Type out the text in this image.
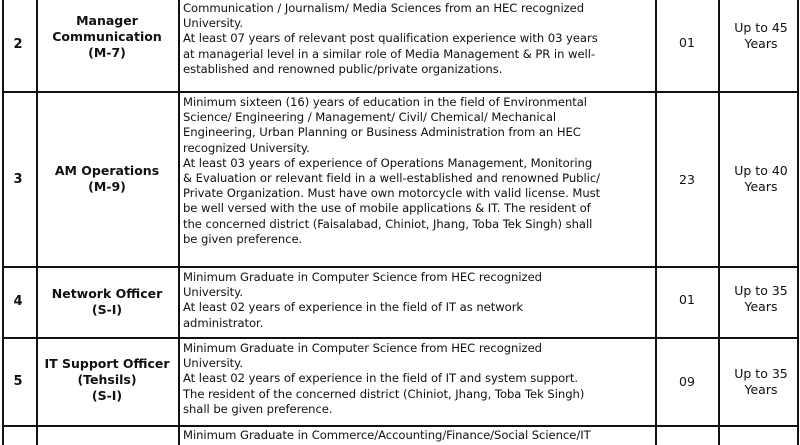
2
Manager Communication
(M-7)

Communication / Journalism/ Media Sciences from an HEC recognized

University.

At least 07 years of relevant post qualification experience with 03 years

at managerial level in a similar role of Media Management & PR in well-

established and renowned public/private organizations.

01
Up to 45 Years
3
AM Operations
(M-9)

Minimum sixteen (16) years of education in the field of Environmental

Science/ Engineering / Management/ Civil/ Chemical/ Mechanical

Engineering, Urban Planning or Business Administration from an HEC

recognized University.

At least 03 years of experience of Operations Management, Monitoring

& Evaluation or relevant field in a well-established and renowned Public/

Private Organization. Must have own motorcycle with valid license. Must

be well versed with the use of mobile applications & IT. The resident of

the concerned district (Faisalabad, Chiniot, Jhang, Toba Tek Singh) shall

be given preference.

23
Up to 40 Years
4
Network Officer
(S-I)

Minimum Graduate in Computer Science from HEC recognized

University.

At least 02 years of experience in the field of IT as network

administrator.

01
Up to 35 Years
5
IT Support Officer (Tehsils)
(S-I)

Minimum Graduate in Computer Science from HEC recognized

University.

At least 02 years of experience in the field of IT and system support.

The resident of the concerned district (Chiniot, Jhang, Toba Tek Singh)

shall be given preference.

09
Up to 35 Years

Minimum Graduate in Commerce/Accounting/Finance/Social Science/IT
